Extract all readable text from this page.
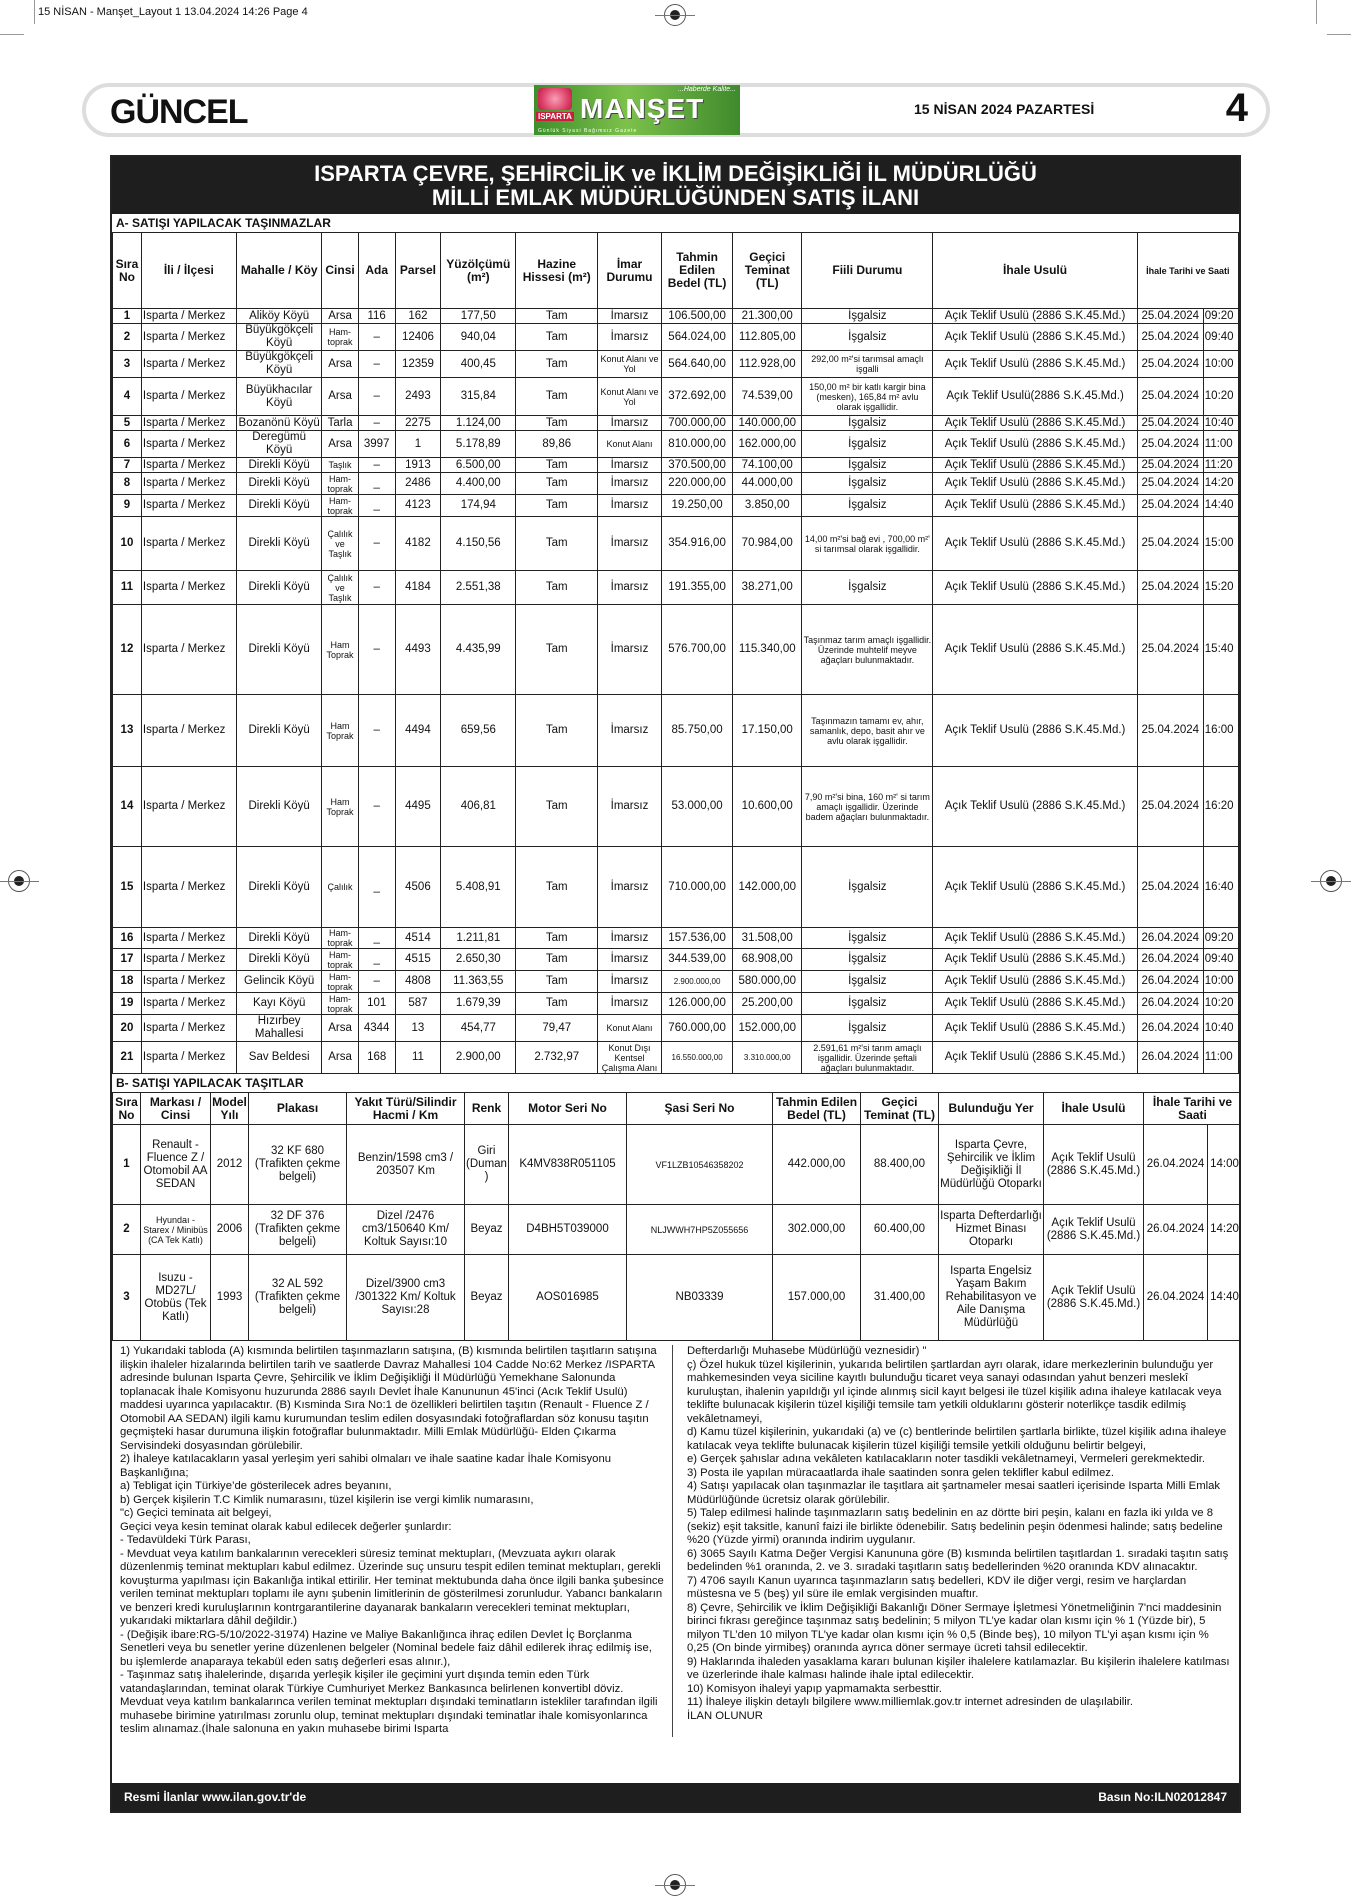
15 NİSAN - Manşet_Layout 1 13.04.2024 14:26 Page 4
GÜNCEL	ISPARTA
...Haberde Kalite...
MANŞET
Günlük Siyasi Bağımsız Gazete
15 NİSAN 2024 PAZARTESİ	4
ISPARTA ÇEVRE, ŞEHİRCİLİK ve İKLİM DEĞİŞİKLİĞİ İL MÜDÜRLÜĞÜ
MİLLİ EMLAK MÜDÜRLÜĞÜNDEN SATIŞ İLANI
A- SATIŞI YAPILACAK TAŞINMAZLAR
Sıra No	İli / İlçesi	Mahalle / Köy	Cinsi	Ada	Parsel	Yüzölçümü (m²)	Hazine Hissesi (m²)	İmar Durumu	Tahmin Edilen Bedel (TL)	Geçici Teminat (TL)	Fiili Durumu	İhale Usulü	İhale Tarihi ve Saati	
1	Isparta / Merkez	Aliköy Köyü	Arsa	116	162	177,50	Tam	İmarsız	106.500,00	21.300,00	İşgalsiz	Açık Teklif Usulü (2886 S.K.45.Md.)	25.04.2024	09:20
2	Isparta / Merkez	Büyükgökçeli Köyü	Ham-toprak	–	12406	940,04	Tam	İmarsız	564.024,00	112.805,00	İşgalsiz	Açık Teklif Usulü (2886 S.K.45.Md.)	25.04.2024	09:40
3	Isparta / Merkez	Büyükgökçeli Köyü	Arsa	–	12359	400,45	Tam	Konut Alanı ve Yol	564.640,00	112.928,00	292,00 m²'si tarımsal amaçlı işgalli	Açık Teklif Usulü (2886 S.K.45.Md.)	25.04.2024	10:00
4	Isparta / Merkez	Büyükhacılar Köyü	Arsa	–	2493	315,84	Tam	Konut Alanı ve Yol	372.692,00	74.539,00	150,00 m² bir katlı kargir bina (mesken), 165,84 m² avlu olarak işgallidir.	Açık Teklif Usulü(2886 S.K.45.Md.)	25.04.2024	10:20
5	Isparta / Merkez	Bozanönü Köyü	Tarla	–	2275	1.124,00	Tam	İmarsız	700.000,00	140.000,00	İşgalsiz	Açık Teklif Usulü (2886 S.K.45.Md.)	25.04.2024	10:40
6	Isparta / Merkez	Deregümü Köyü	Arsa	3997	1	5.178,89	89,86	Konut Alanı	810.000,00	162.000,00	İşgalsiz	Açık Teklif Usulü (2886 S.K.45.Md.)	25.04.2024	11:00
7	Isparta / Merkez	Direkli Köyü	Taşlık	–	1913	6.500,00	Tam	İmarsız	370.500,00	74.100,00	İşgalsiz	Açık Teklif Usulü (2886 S.K.45.Md.)	25.04.2024	11:20
8	Isparta / Merkez	Direkli Köyü	Ham-toprak	_	2486	4.400,00	Tam	İmarsız	220.000,00	44.000,00	İşgalsiz	Açık Teklif Usulü (2886 S.K.45.Md.)	25.04.2024	14:20
9	Isparta / Merkez	Direkli Köyü	Ham-toprak	_	4123	174,94	Tam	İmarsız	19.250,00	3.850,00	İşgalsiz	Açık Teklif Usulü (2886 S.K.45.Md.)	25.04.2024	14:40
10	Isparta / Merkez	Direkli Köyü	Çalılık ve Taşlık	–	4182	4.150,56	Tam	İmarsız	354.916,00	70.984,00	14,00 m²'si bağ evi , 700,00 m²' si tarımsal olarak işgallidir.	Açık Teklif Usulü (2886 S.K.45.Md.)	25.04.2024	15:00
11	Isparta / Merkez	Direkli Köyü	Çalılık ve Taşlık	–	4184	2.551,38	Tam	İmarsız	191.355,00	38.271,00	İşgalsiz	Açık Teklif Usulü (2886 S.K.45.Md.)	25.04.2024	15:20
12	Isparta / Merkez	Direkli Köyü	Ham Toprak	–	4493	4.435,99	Tam	İmarsız	576.700,00	115.340,00	Taşınmaz tarım amaçlı işgallidir. Üzerinde muhtelif meyve ağaçları bulunmaktadır.	Açık Teklif Usulü (2886 S.K.45.Md.)	25.04.2024	15:40
13	Isparta / Merkez	Direkli Köyü	Ham Toprak	–	4494	659,56	Tam	İmarsız	85.750,00	17.150,00	Taşınmazın tamamı ev, ahır, samanlık, depo, basit ahır ve avlu olarak işgallidir.	Açık Teklif Usulü (2886 S.K.45.Md.)	25.04.2024	16:00
14	Isparta / Merkez	Direkli Köyü	Ham Toprak	–	4495	406,81	Tam	İmarsız	53.000,00	10.600,00	7,90 m²'si bina, 160 m²' si tarım amaçlı işgallidir. Üzerinde badem ağaçları bulunmaktadır.	Açık Teklif Usulü (2886 S.K.45.Md.)	25.04.2024	16:20
15	Isparta / Merkez	Direkli Köyü	Çalılık	_	4506	5.408,91	Tam	İmarsız	710.000,00	142.000,00	İşgalsiz	Açık Teklif Usulü (2886 S.K.45.Md.)	25.04.2024	16:40
16	Isparta / Merkez	Direkli Köyü	Ham-toprak	_	4514	1.211,81	Tam	İmarsız	157.536,00	31.508,00	İşgalsiz	Açık Teklif Usulü (2886 S.K.45.Md.)	26.04.2024	09:20
17	Isparta / Merkez	Direkli Köyü	Ham-toprak	_	4515	2.650,30	Tam	İmarsız	344.539,00	68.908,00	İşgalsiz	Açık Teklif Usulü (2886 S.K.45.Md.)	26.04.2024	09:40
18	Isparta / Merkez	Gelincik Köyü	Ham-toprak	–	4808	11.363,55	Tam	İmarsız	2.900.000,00	580.000,00	İşgalsiz	Açık Teklif Usulü (2886 S.K.45.Md.)	26.04.2024	10:00
19	Isparta / Merkez	Kayı Köyü	Ham-toprak	101	587	1.679,39	Tam	İmarsız	126.000,00	25.200,00	İşgalsiz	Açık Teklif Usulü (2886 S.K.45.Md.)	26.04.2024	10:20
20	Isparta / Merkez	Hızırbey Mahallesi	Arsa	4344	13	454,77	79,47	Konut Alanı	760.000,00	152.000,00	İşgalsiz	Açık Teklif Usulü (2886 S.K.45.Md.)	26.04.2024	10:40
21	Isparta / Merkez	Sav Beldesi	Arsa	168	11	2.900,00	2.732,97	Konut Dışı Kentsel Çalışma Alanı	16.550.000,00	3.310.000,00	2.591,61 m²'si tarım amaçlı işgallidir. Üzerinde şeftali ağaçları bulunmaktadır.	Açık Teklif Usulü (2886 S.K.45.Md.)	26.04.2024	11:00
B- SATIŞI YAPILACAK TAŞITLAR
Sıra No	Markası / Cinsi	Model Yılı	Plakası	Yakıt Türü/Silindir Hacmi / Km	Renk	Motor Seri No	Şasi Seri No	Tahmin Edilen Bedel (TL)	Geçici Teminat (TL)	Bulunduğu Yer	İhale Usulü	İhale Tarihi ve Saati	
1	Renault - Fluence Z / Otomobil AA SEDAN	2012	32 KF 680 (Trafikten çekme belgeli)	Benzin/1598 cm3 / 203507 Km	Giri (Duman)	K4MV838R051105	VF1LZB10546358202	442.000,00	88.400,00	Isparta Çevre, Şehircilik ve İklim Değişikliği İl Müdürlüğü Otoparkı	Açık Teklif Usulü (2886 S.K.45.Md.)	26.04.2024	14:00
2	Hyundaı - Starex / Minibüs (CA Tek Katlı)	2006	32 DF 376 (Trafikten çekme belgeli)	Dizel /2476 cm3/150640 Km/ Koltuk Sayısı:10	Beyaz	D4BH5T039000	NLJWWH7HP5Z055656	302.000,00	60.400,00	Isparta Defterdarlığı Hizmet Binası Otoparkı	Açık Teklif Usulü (2886 S.K.45.Md.)	26.04.2024	14:20
3	Isuzu - MD27L/ Otobüs (Tek Katlı)	1993	32 AL 592 (Trafikten çekme belgeli)	Dizel/3900 cm3 /301322 Km/ Koltuk Sayısı:28	Beyaz	AOS016985	NB03339	157.000,00	31.400,00	Isparta Engelsiz Yaşam Bakım Rehabilitasyon ve Aile Danışma Müdürlüğü	Açık Teklif Usulü (2886 S.K.45.Md.)	26.04.2024	14:40

1) Yukarıdaki tabloda (A) kısmında belirtilen taşınmazların satışına, (B) kısmında belirtilen taşıtların satışına ilişkin ihaleler hizalarında belirtilen tarih ve saatlerde Davraz Mahallesi 104 Cadde No:62 Merkez /ISPARTA adresinde bulunan Isparta Çevre, Şehircilik ve İklim Değişikliği İl Müdürlüğü Yemekhane Salonunda toplanacak İhale Komisyonu huzurunda 2886 sayılı Devlet İhale Kanununun 45'inci (Acık Teklif Usulü) maddesi uyarınca yapılacaktır. (B) Kısminda Sıra No:1 de özellikleri belirtilen taşıtın (Renault - Fluence Z / Otomobil AA SEDAN) ilgili kamu kurumundan teslim edilen dosyasındaki fotoğraflardan söz konusu taşıtın geçmişteki hasar durumuna ilişkin fotoğraflar bulunmaktadır. Milli Emlak Müdürlüğü- Elden Çıkarma Servisindeki dosyasından görülebilir.

2) İhaleye katılacakların yasal yerleşim yeri sahibi olmaları ve ihale saatine kadar İhale Komisyonu Başkanlığına;

a) Tebligat için Türkiye’de gösterilecek adres beyanını,

b) Gerçek kişilerin T.C Kimlik numarasını, tüzel kişilerin ise vergi kimlik numarasını,

"c) Geçici teminata ait belgeyi,

Geçici veya kesin teminat olarak kabul edilecek değerler şunlardır:

- Tedavüldeki Türk Parası,

- Mevduat veya katılım bankalarının verecekleri süresiz teminat mektupları, (Mevzuata aykırı olarak düzenlenmiş teminat mektupları kabul edilmez. Üzerinde suç unsuru tespit edilen teminat mektupları, gerekli kovuşturma yapılması için Bakanlığa intikal ettirilir. Her teminat mektubunda daha önce ilgili banka şubesince verilen teminat mektupları toplamı ile aynı şubenin limitlerinin de gösterilmesi zorunludur. Yabancı bankaların ve benzeri kredi kuruluşlarının kontrgarantilerine dayanarak bankaların verecekleri teminat mektupları, yukarıdaki miktarlara dâhil değildir.)

- (Değişik ibare:RG-5/10/2022-31974) Hazine ve Maliye Bakanlığınca ihraç edilen Devlet İç Borçlanma Senetleri veya bu senetler yerine düzenlenen belgeler (Nominal bedele faiz dâhil edilerek ihraç edilmiş ise, bu işlemlerde anaparaya tekabül eden satış değerleri esas alınır.),

- Taşınmaz satış ihalelerinde, dışarıda yerleşik kişiler ile geçimini yurt dışında temin eden Türk vatandaşlarından, teminat olarak Türkiye Cumhuriyet Merkez Bankasınca belirlenen konvertibl döviz.

Mevduat veya katılım bankalarınca verilen teminat mektupları dışındaki teminatların istekliler tarafından ilgili muhasebe birimine yatırılması zorunlu olup, teminat mektupları dışındaki teminatlar ihale komisyonlarınca teslim alınamaz.(İhale salonuna en yakın muhasebe birimi Isparta

Defterdarlığı Muhasebe Müdürlüğü veznesidir) "

ç) Özel hukuk tüzel kişilerinin, yukarıda belirtilen şartlardan ayrı olarak, idare merkezlerinin bulunduğu yer mahkemesinden veya siciline kayıtlı bulunduğu ticaret veya sanayi odasından yahut benzeri meslekî kuruluştan, ihalenin yapıldığı yıl içinde alınmış sicil kayıt belgesi ile tüzel kişilik adına ihaleye katılacak veya teklifte bulunacak kişilerin tüzel kişiliği temsile tam yetkili olduklarını gösterir noterlikçe tasdik edilmiş vekâletnameyi,

d) Kamu tüzel kişilerinin, yukarıdaki (a) ve (c) bentlerinde belirtilen şartlarla birlikte, tüzel kişilik adına ihaleye katılacak veya teklifte bulunacak kişilerin tüzel kişiliği temsile yetkili olduğunu belirtir belgeyi,

e) Gerçek şahıslar adına vekâleten katılacakların noter tasdikli vekâletnameyi, Vermeleri gerekmektedir.

3) Posta ile yapılan müracaatlarda ihale saatinden sonra gelen teklifler kabul edilmez.

4) Satışı yapılacak olan taşınmazlar ile taşıtlara ait şartnameler mesai saatleri içerisinde Isparta Milli Emlak Müdürlüğünde ücretsiz olarak görülebilir.

5) Talep edilmesi halinde taşınmazların satış bedelinin en az dörtte biri peşin, kalanı en fazla iki yılda ve 8 (sekiz) eşit taksitle, kanunî faizi ile birlikte ödenebilir. Satış bedelinin peşin ödenmesi halinde; satış bedeline %20 (Yüzde yirmi) oranında indirim uygulanır.

6) 3065 Sayılı Katma Değer Vergisi Kanununa göre (B) kısmında belirtilen taşıtlardan 1. sıradaki taşıtın satış bedelinden %1 oranında, 2. ve 3. sıradaki taşıtların satış bedellerinden %20 oranında KDV alınacaktır.

7) 4706 sayılı Kanun uyarınca taşınmazların satış bedelleri, KDV ile diğer vergi, resim ve harçlardan müstesna ve 5 (beş) yıl süre ile emlak vergisinden muaftır.

8) Çevre, Şehircilik ve İklim Değişikliği Bakanlığı Döner Sermaye İşletmesi Yönetmeliğinin 7'nci maddesinin birinci fıkrası gereğince taşınmaz satış bedelinin; 5 milyon TL’ye kadar olan kısmı için % 1 (Yüzde bir), 5 milyon TL’den 10 milyon TL’ye kadar olan kısmı için % 0,5 (Binde beş), 10 milyon TL’yi aşan kısmı için % 0,25 (On binde yirmibeş) oranında ayrıca döner sermaye ücreti tahsil edilecektir.

9) Haklarında ihaleden yasaklama kararı bulunan kişiler ihalelere katılamazlar. Bu kişilerin ihalelere katılması ve üzerlerinde ihale kalması halinde ihale iptal edilecektir.

10) Komisyon ihaleyi yapıp yapmamakta serbesttir.

11) İhaleye ilişkin detaylı bilgilere www.milliemlak.gov.tr internet adresinden de ulaşılabilir.

İLAN OLUNUR

Resmi İlanlar www.ilan.gov.tr'de	Basın No:ILN02012847
